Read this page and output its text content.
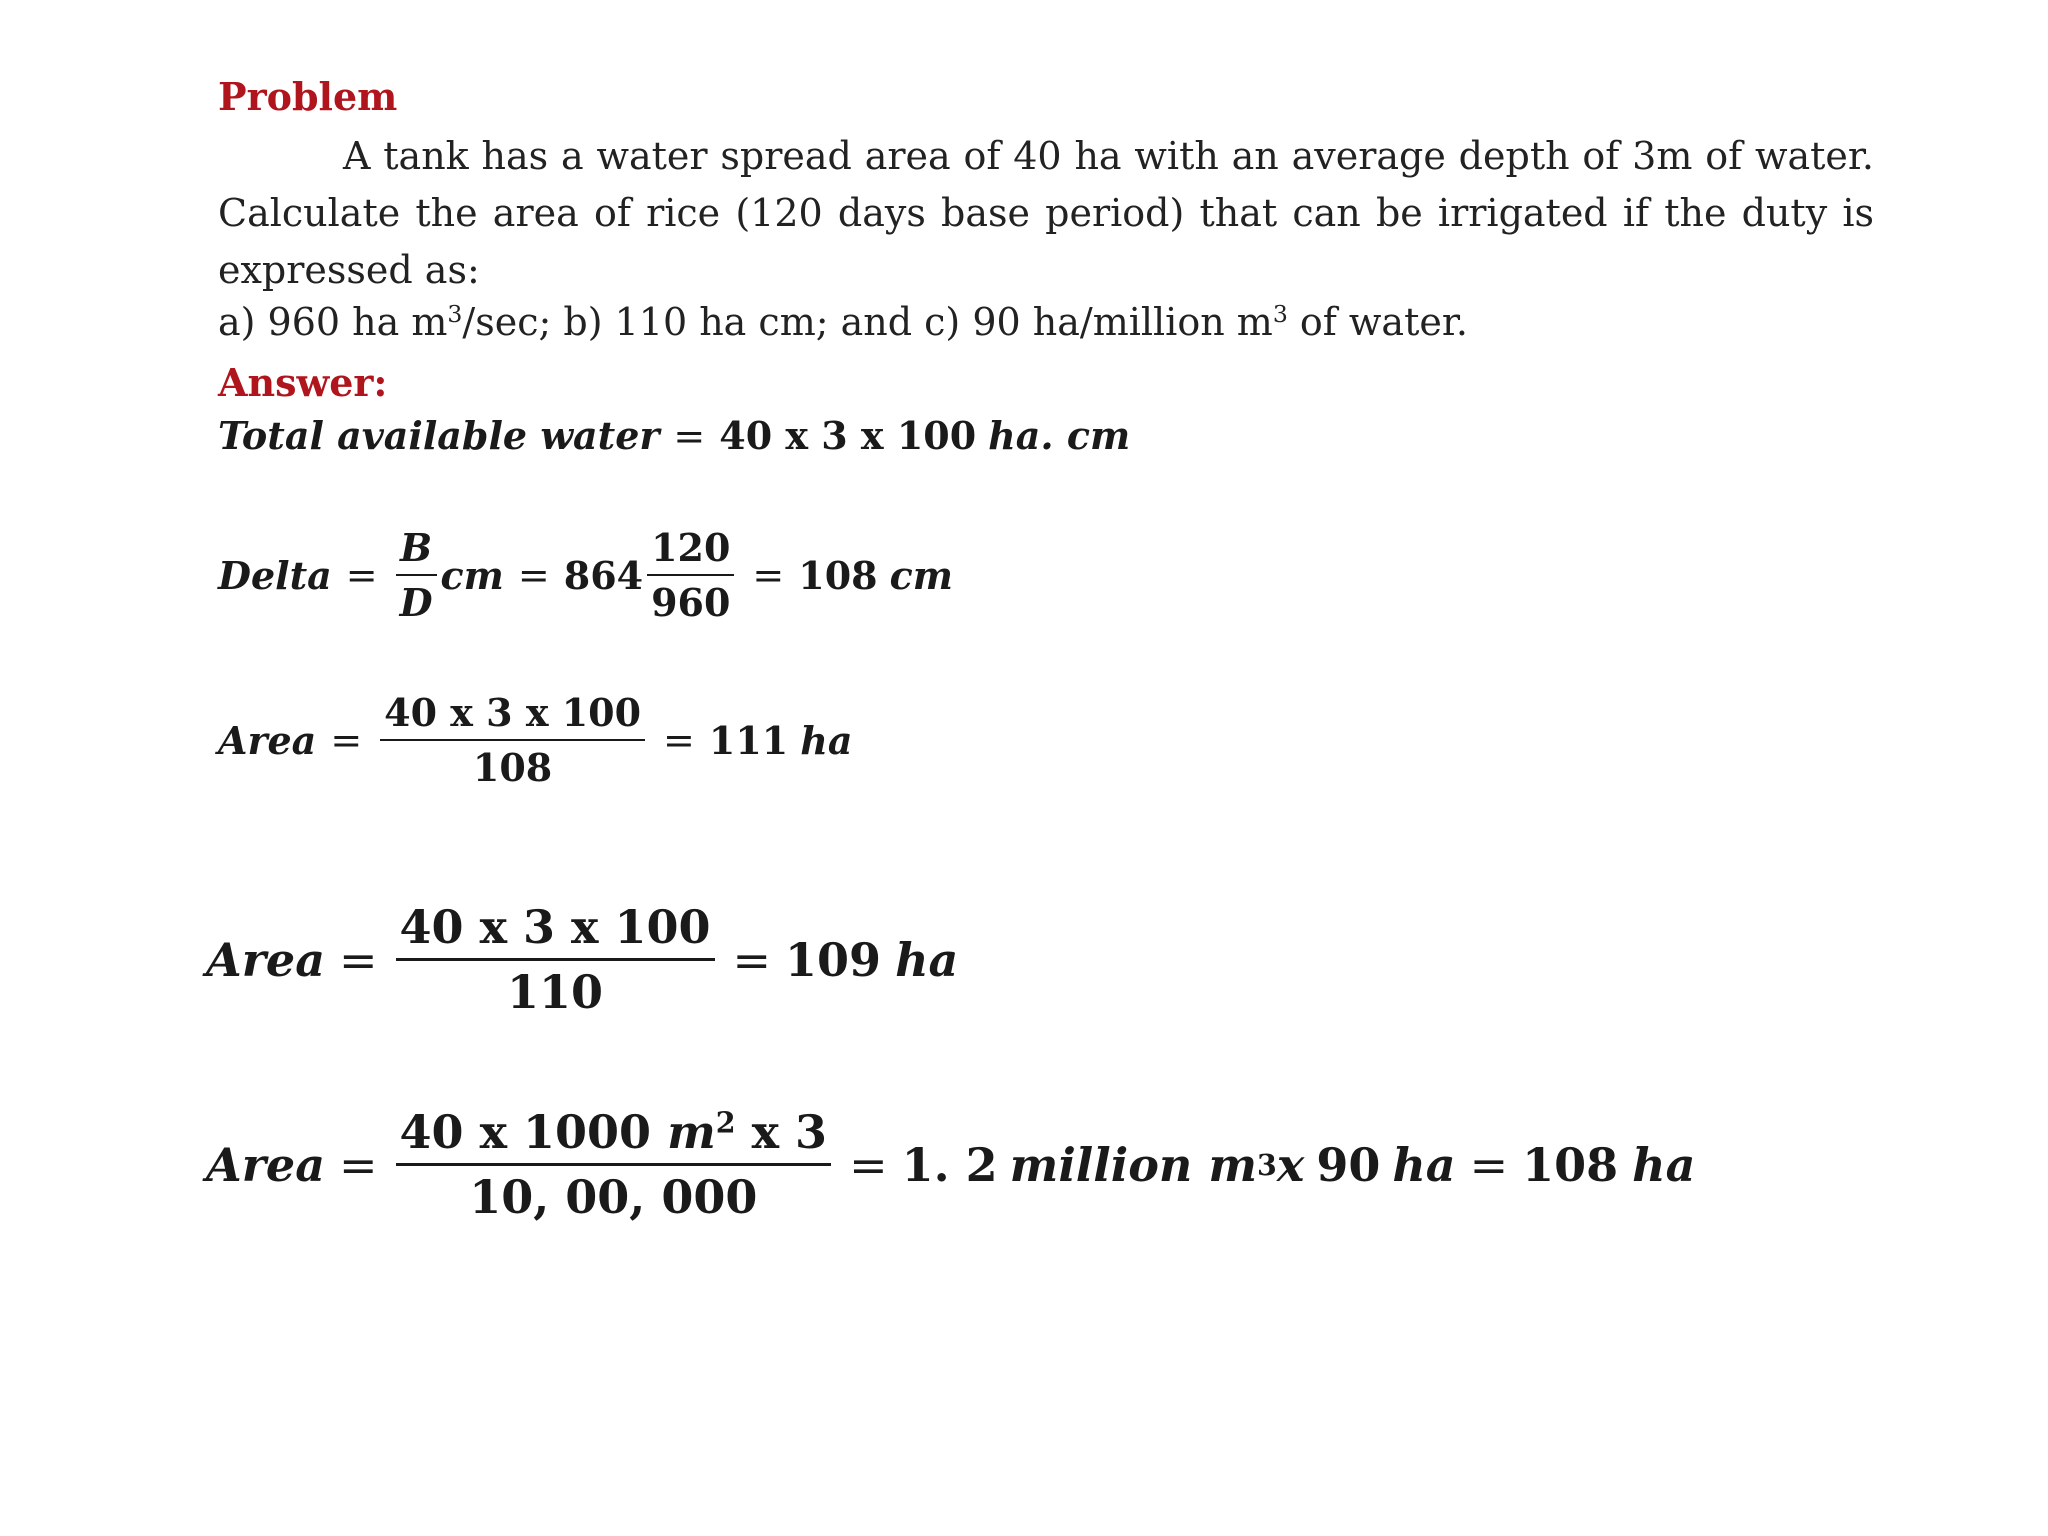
Problem
A tank has a water spread area of 40 ha with an average depth of 3m of water. Calculate the area of rice (120 days base period) that can be irrigated if the duty is expressed as:
a) 960 ha $m^3/\sec$; b) 110 ha cm; and c) 90 ha/million $m^3$ of water.
Answer:
Total available water = 40 x 3 x 100 ha. cm
Delta = $\frac{B}{D}$ cm = $864 \frac{120}{960} = 108$ cm
Area = $\frac{40 x 3 x 100}{108} = 111$ ha
Area = $\frac{40 x 3 x 100}{110} = 109$ ha
Area = $\frac{40 x 1000 m^2 x 3}{10, 00, 000} = 1$. 2 million m 3 x 90 ha = 108 ha
